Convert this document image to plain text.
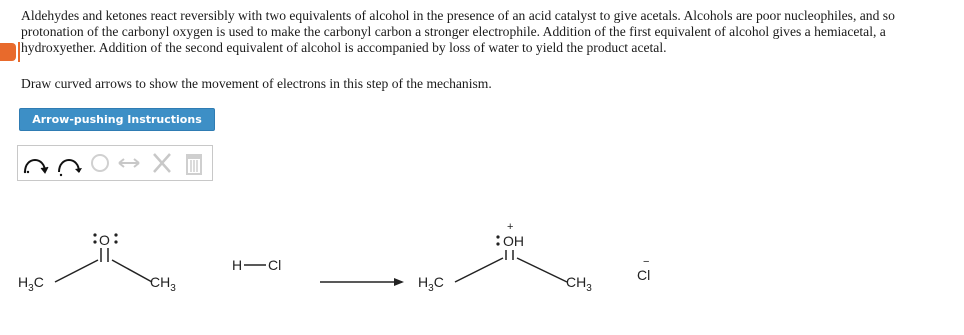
Aldehydes and ketones react reversibly with two equivalents of alcohol in the presence of an acid catalyst to give acetals. Alcohols are poor nucleophiles, and so protonation of the carbonyl oxygen is used to make the carbonyl carbon a stronger electrophile. Addition of the first equivalent of alcohol gives a hemiacetal, a hydroxyether. Addition of the second equivalent of alcohol is accompanied by loss of water to yield the product acetal.

Draw curved arrows to show the movement of electrons in this step of the mechanism.

Arrow-pushing Instructions
$H_3C$
O
$CH_3$
H Cl
$H_3C$
OH
+
$CH_3$
−
Cl
